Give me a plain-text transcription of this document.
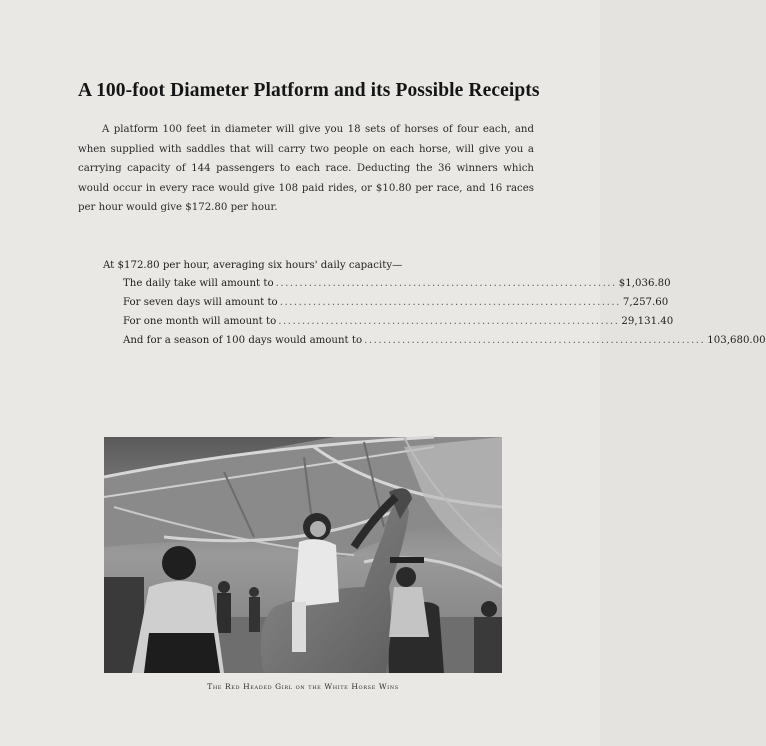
A 100-foot Diameter Platform and its Possible Receipts

A platform 100 feet in diameter will give you 18 sets of horses of four each, and when supplied with saddles that will carry two people on each horse, will give you a carrying capacity of 144 passengers to each race. Deducting the 36 winners which would occur in every race would give 108 paid rides, or $10.80 per race, and 16 races per hour would give $172.80 per hour.

At $172.80 per hour, averaging six hours' daily capacity—

The daily take will amount to ........................................................................ $ 1,036.80
For seven days will amount to ........................................................................ 7,257.60
For one month will amount to ........................................................................ 29,131.40
And for a season of 100 days would amount to ........................................................................ 103,680.00
The Red Headed Girl on the White Horse Wins
